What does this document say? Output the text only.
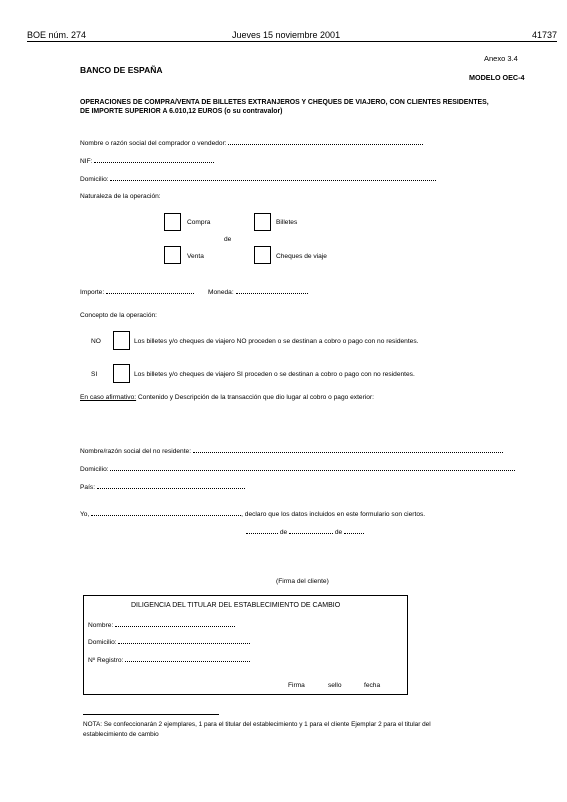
BOE núm. 274	Jueves 15 noviembre 2001	41737
Anexo 3.4
BANCO DE ESPAÑA
MODELO OEC-4
OPERACIONES DE COMPRA/VENTA DE BILLETES EXTRANJEROS Y CHEQUES DE VIAJERO, CON CLIENTES RESIDENTES,
DE IMPORTE SUPERIOR A 6.010,12 EUROS (o su contravalor)
Nombre o razón social del comprador o vendedor:
NIF:
Domicilio:
Naturaleza de la operación:
Compra	Billetes
de
Venta	Cheques de viaje
Importe:	Moneda:
Concepto de la operación:
NO	Los billetes y/o cheques de viajero NO proceden o se destinan a cobro o pago con no residentes.
SI	Los billetes y/o cheques de viajero SI proceden o se destinan a cobro o pago con no residentes.
En caso afirmativo: Contenido y Descripción de la transacción que dio lugar al cobro o pago exterior:
Nombre/razón social del no residente:
Domicilio:
País:
Yo,	, declaro que los datos incluidos en este formulario son ciertos.
de	de
(Firma del cliente)
DILIGENCIA DEL TITULAR DEL ESTABLECIMIENTO DE CAMBIO
Nombre:
Domicilio:
Nº Registro:
Firma	sello	fecha
NOTA: Se confeccionarán 2 ejemplares, 1 para el titular del establecimiento y 1 para el cliente Ejemplar 2 para el titular del
establecimiento de cambio
